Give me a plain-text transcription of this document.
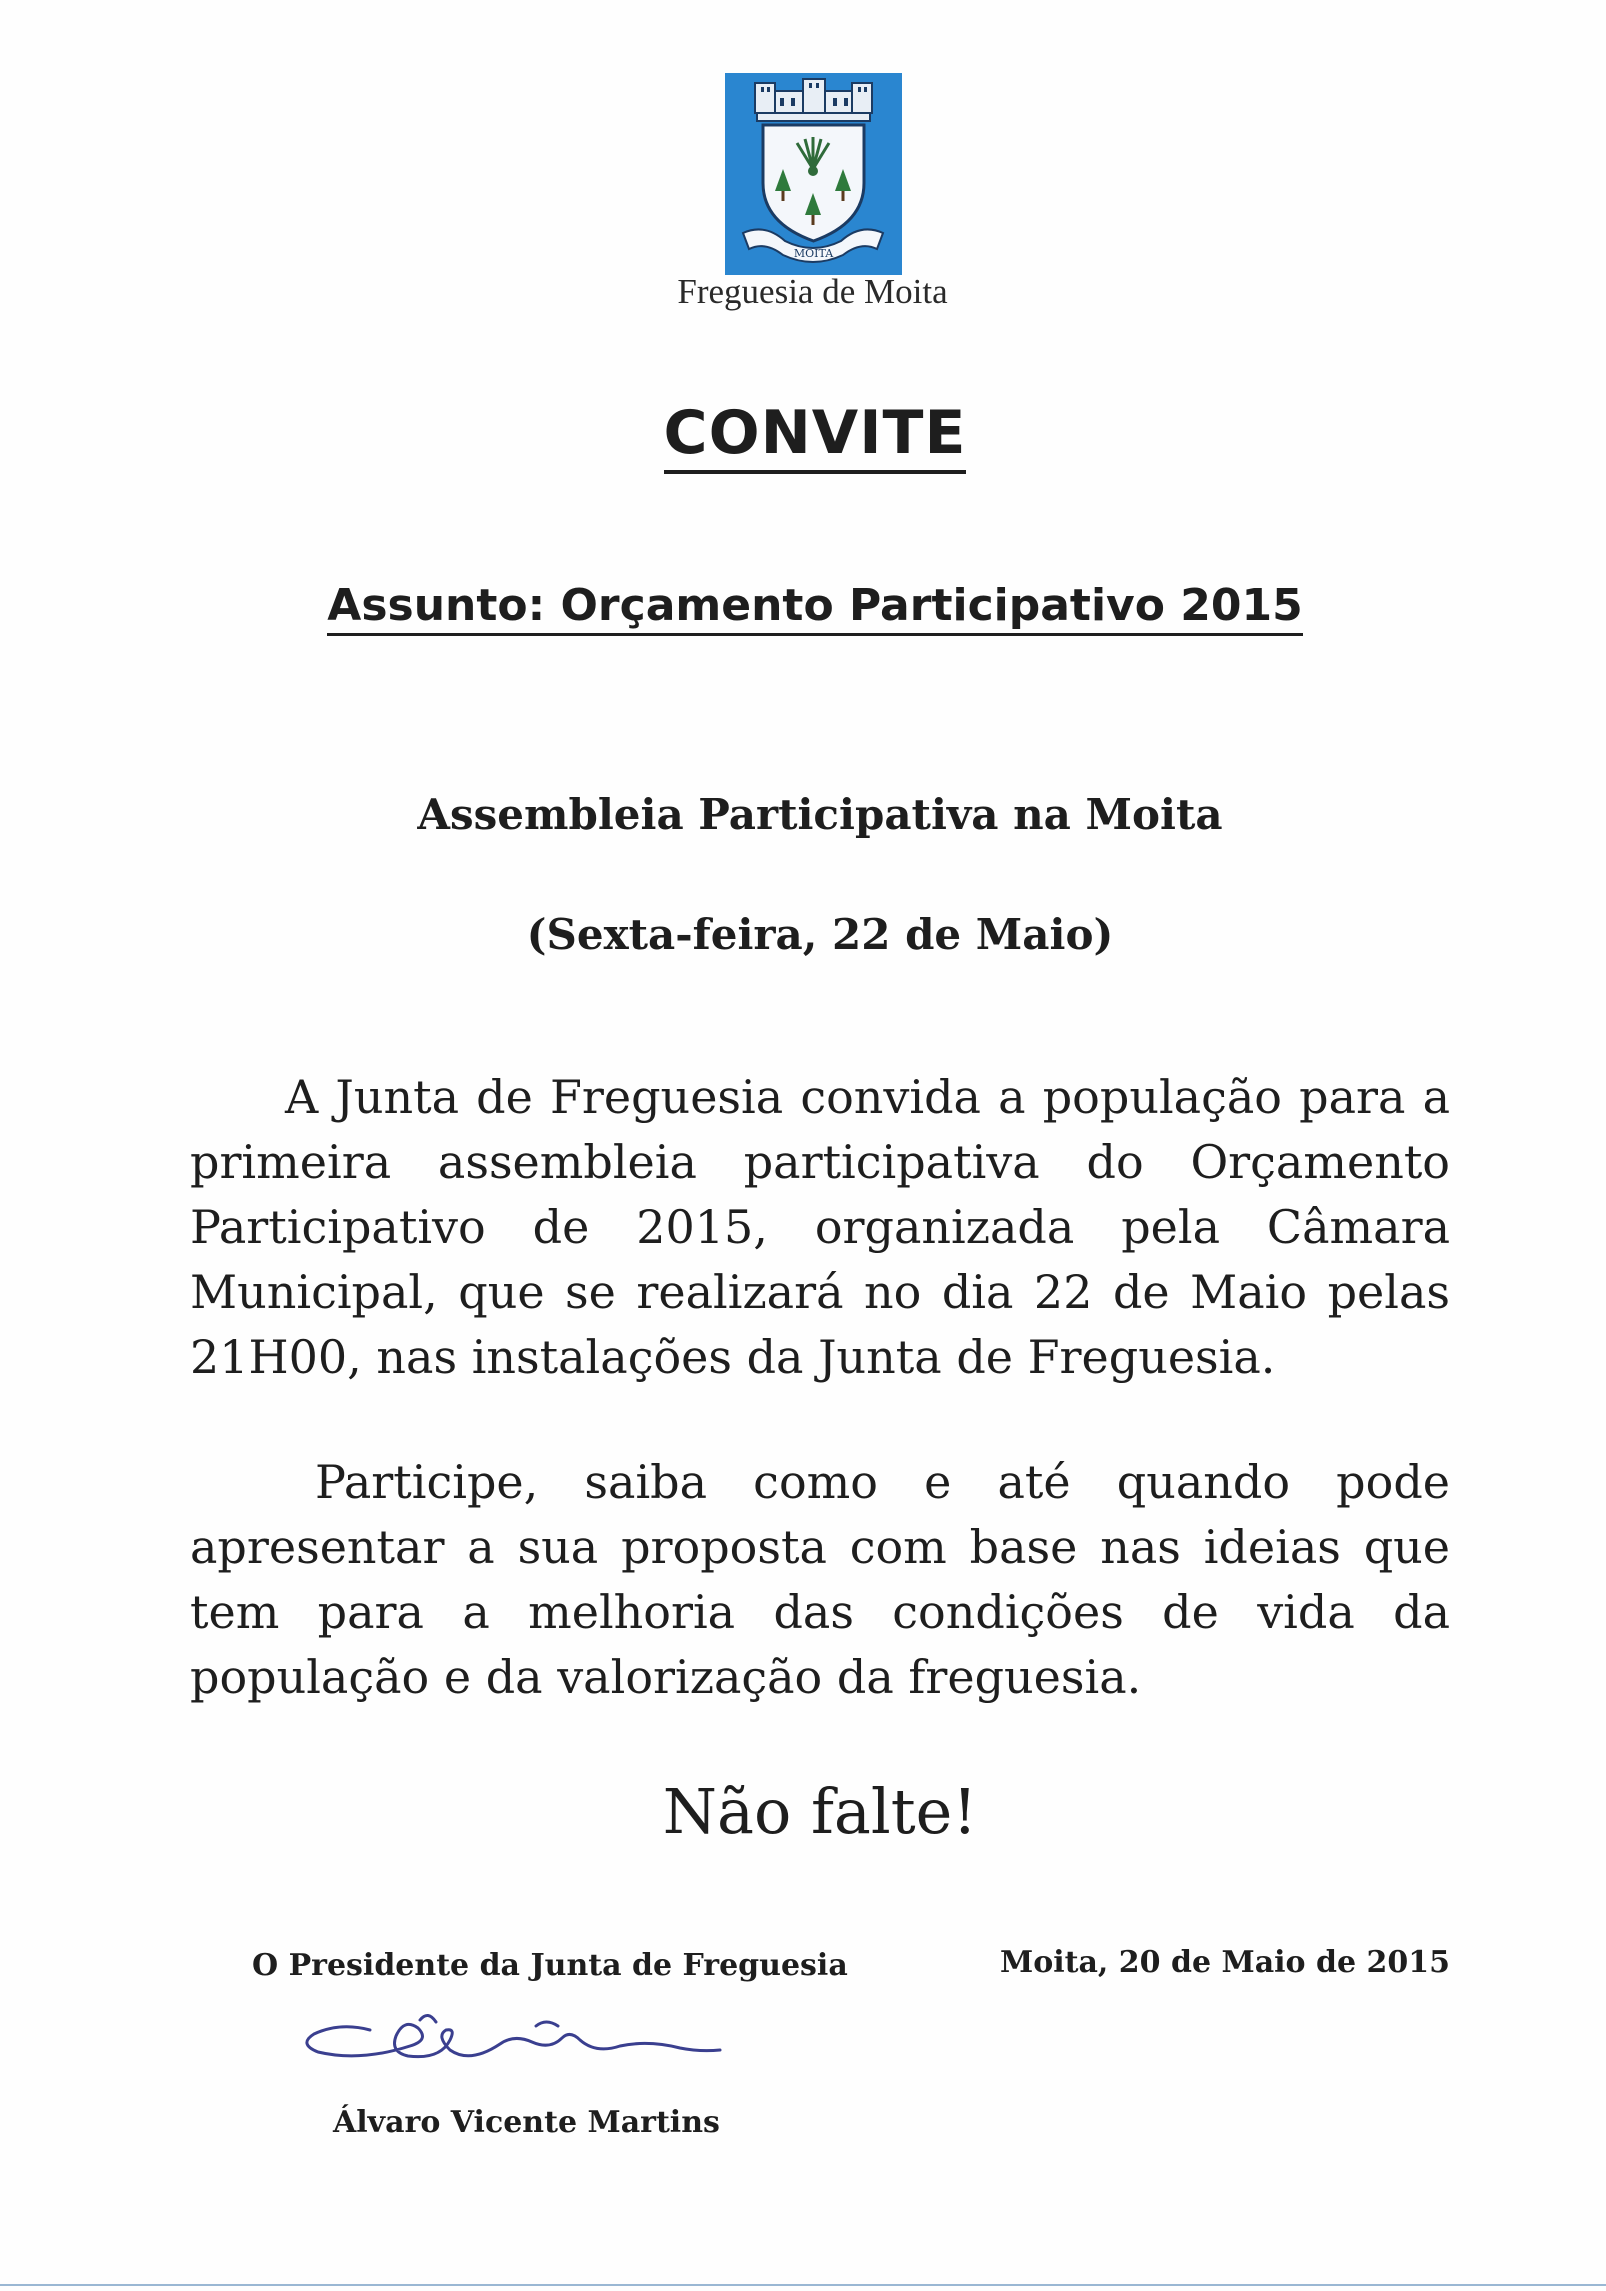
MOITA
Freguesia de Moita
CONVITE
Assunto: Orçamento Participativo 2015
Assembleia Participativa na Moita
(Sexta-feira, 22 de Maio)

A Junta de Freguesia convida a população para a primeira assembleia participativa do Orçamento Participativo de 2015, organizada pela Câmara Municipal, que se realizará no dia 22 de Maio pelas 21H00, nas instalações da Junta de Freguesia.

Participe, saiba como e até quando pode apresentar a sua proposta com base nas ideias que tem para a melhoria das condições de vida da população e da valorização da freguesia.

Não falte!
O Presidente da Junta de Freguesia	Moita, 20 de Maio de 2015
Álvaro Vicente Martins
